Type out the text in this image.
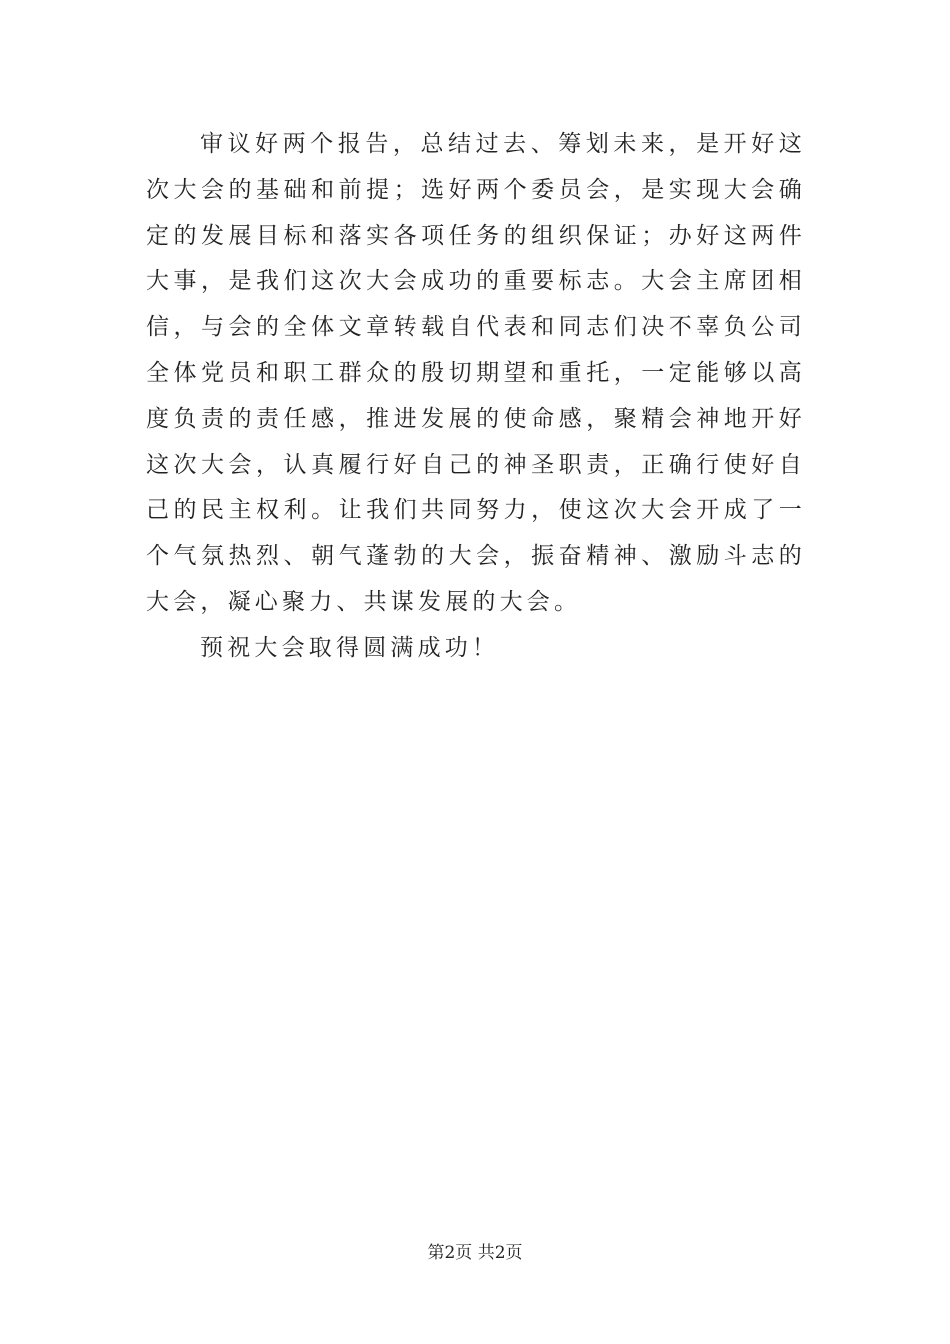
审议好两个报告，总结过去、筹划未来，是开好这次大会的基础和前提；选好两个委员会，是实现大会确定的发展目标和落实各项任务的组织保证；办好这两件大事，是我们这次大会成功的重要标志。大会主席团相信，与会的全体文章转载自代表和同志们决不辜负公司全体党员和职工群众的殷切期望和重托，一定能够以高度负责的责任感，推进发展的使命感，聚精会神地开好这次大会，认真履行好自己的神圣职责，正确行使好自己的民主权利。让我们共同努力，使这次大会开成了一个气氛热烈、朝气蓬勃的大会，振奋精神、激励斗志的大会，凝心聚力、共谋发展的大会。

预祝大会取得圆满成功！

第2页 共2页
